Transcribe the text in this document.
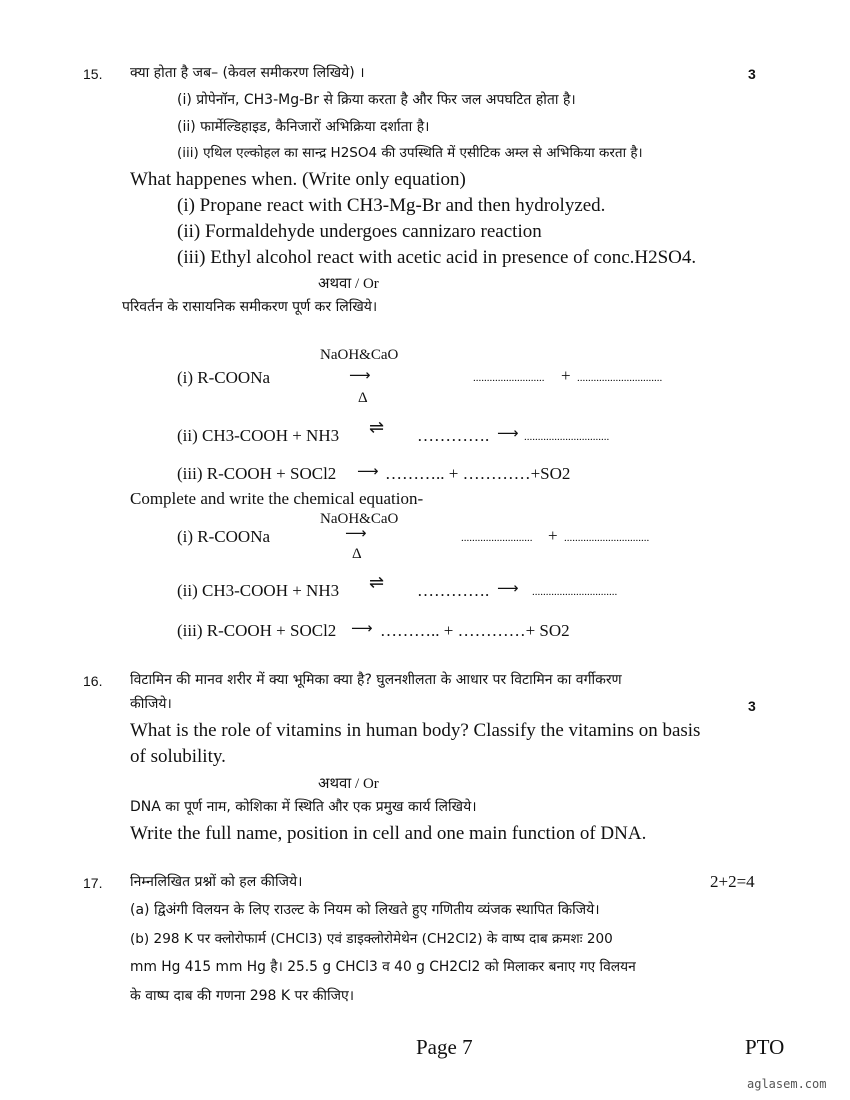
15. क्या होता है जब– (केवल समीकरण लिखिये) ।	3
(i) प्रोपेनॉन, CH3-Mg-Br से क्रिया करता है और फिर जल अपघटित होता है।
(ii) फार्मेल्डिहाइड, कैनिजारों अभिक्रिया दर्शाता है।
(iii) एथिल एल्कोहल का सान्द्र H2SO4 की उपस्थिति में एसीटिक अम्ल से अभिकिया करता है।
What happenes when. (Write only equation)
(i) Propane react with CH3-Mg-Br and then hydrolyzed.
(ii) Formaldehyde undergoes cannizaro reaction
(iii) Ethyl alcohol react with acetic acid in presence of conc.H2SO4.
अथवा / Or
परिवर्तन के रासायनिक समीकरण पूर्ण कर लिखिये।
NaOH&CaO
(i) R-COONa	⟶
Δ
.......................... + ...............................
(ii) CH3-COOH + NH3 ⇌ …………. ⟶ ...............................
(iii) R-COOH + SOCl2 ⟶ ……….. + …………+SO2
Complete and write the chemical equation-
NaOH&CaO
(i) R-COONa	⟶
Δ
.......................... + ...............................
(ii) CH3-COOH + NH3 ⇌ …………. ⟶ ...............................
(iii) R-COOH + SOCl2 ⟶ ……….. + …………+ SO2
16. विटामिन की मानव शरीर में क्या भूमिका क्या है? घुलनशीलता के आधार पर विटामिन का वर्गीकरण
कीजिये।	3
What is the role of vitamins in human body? Classify the vitamins on basis
of solubility.
अथवा / Or
DNA का पूर्ण नाम, कोशिका में स्थिति और एक प्रमुख कार्य लिखिये।
Write the full name, position in cell and one main function of DNA.
17. निम्नलिखित प्रश्नों को हल कीजिये।	2+2=4
(a) द्विअंगी विलयन के लिए राउल्ट के नियम को लिखते हुए गणितीय व्यंजक स्थापित किजिये।
(b) 298 K पर क्लोरोफार्म (CHCl3) एवं डाइक्लोरोमेथेन (CH2Cl2) के वाष्प दाब क्रमशः 200
mm Hg 415 mm Hg है। 25.5 g CHCl3 व 40 g CH2Cl2 को मिलाकर बनाए गए विलयन
के वाष्प दाब की गणना 298 K पर कीजिए।
Page 7	PTO
aglasem.com
